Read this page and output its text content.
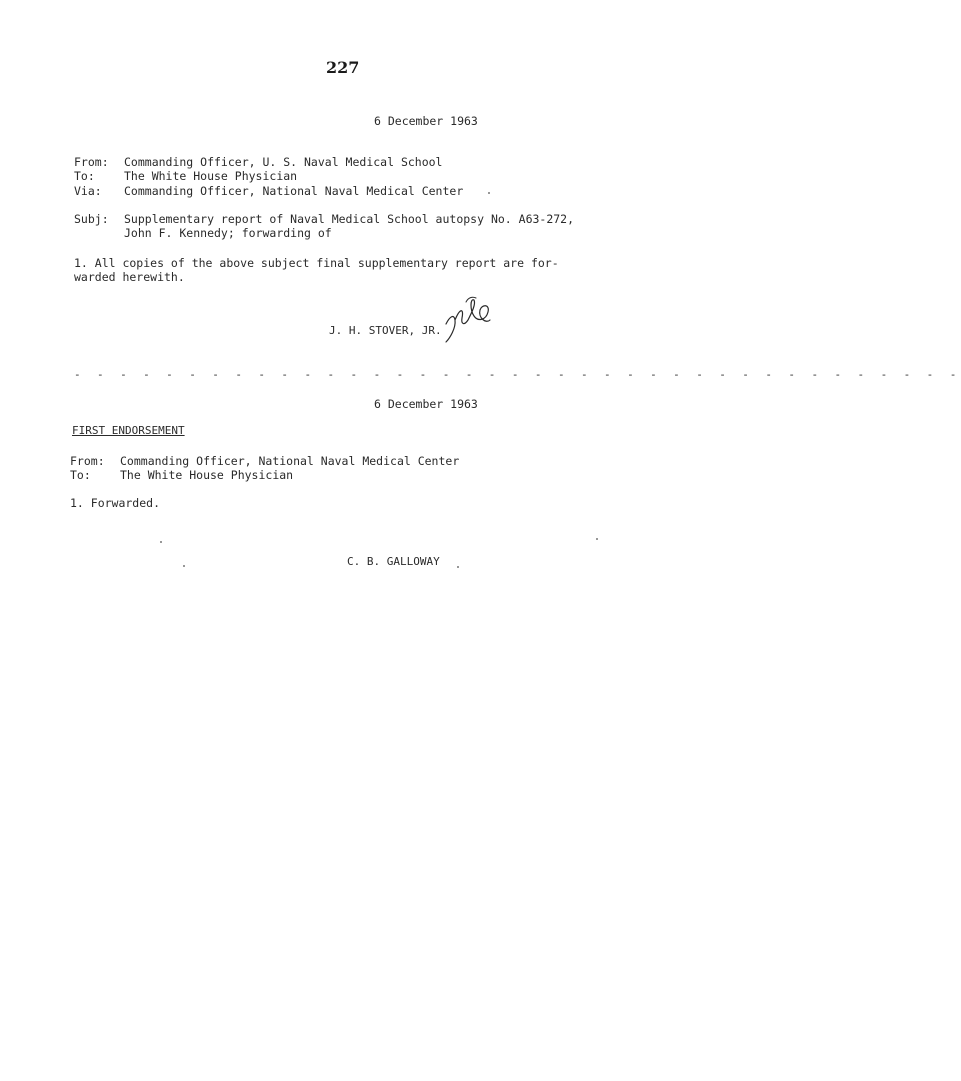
227
6 December 1963
From: Commanding Officer, U. S. Naval Medical School
To:	The White House Physician
Via: Commanding Officer, National Naval Medical Center
Subj: Supplementary report of Naval Medical School autopsy No. A63-272,
John F. Kennedy; forwarding of
1. All copies of the above subject final supplementary report are for-
warded herewith.
J. H. STOVER, JR.
- - - - - - - - - - - - - - - - - - - - - - - - - - - - - - - - - - - - - - -
6 December 1963
FIRST ENDORSEMENT
From: Commanding Officer, National Naval Medical Center
To:	The White House Physician
1. Forwarded.
C. B. GALLOWAY
